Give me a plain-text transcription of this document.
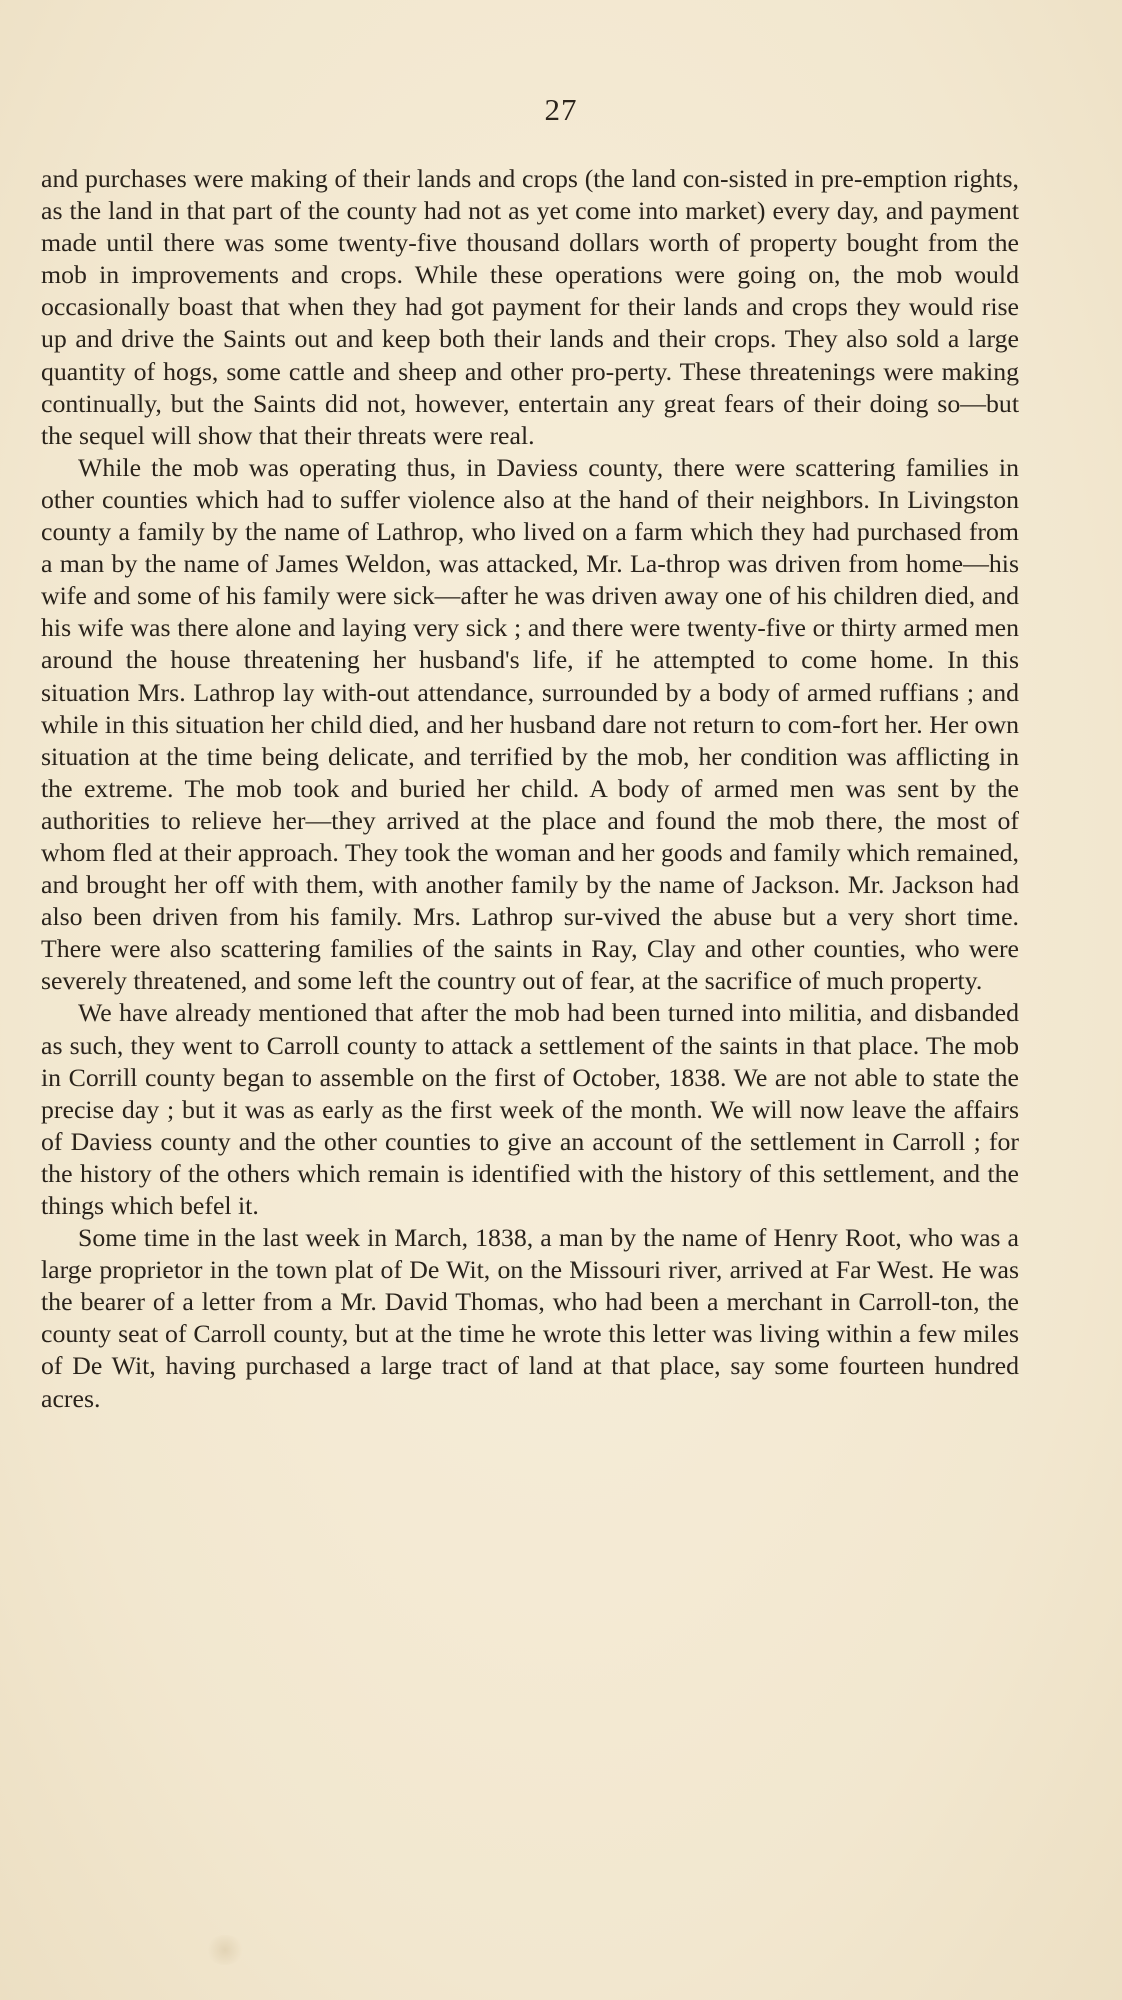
27

and purchases were making of their lands and crops (the land con-sisted in pre-emption rights, as the land in that part of the county had not as yet come into market) every day, and payment made until there was some twenty-five thousand dollars worth of property bought from the mob in improvements and crops. While these operations were going on, the mob would occasionally boast that when they had got payment for their lands and crops they would rise up and drive the Saints out and keep both their lands and their crops. They also sold a large quantity of hogs, some cattle and sheep and other pro-perty. These threatenings were making continually, but the Saints did not, however, entertain any great fears of their doing so—but the sequel will show that their threats were real.

While the mob was operating thus, in Daviess county, there were scattering families in other counties which had to suffer violence also at the hand of their neighbors. In Livingston county a family by the name of Lathrop, who lived on a farm which they had purchased from a man by the name of James Weldon, was attacked, Mr. La-throp was driven from home—his wife and some of his family were sick—after he was driven away one of his children died, and his wife was there alone and laying very sick ; and there were twenty-five or thirty armed men around the house threatening her husband's life, if he attempted to come home. In this situation Mrs. Lathrop lay with-out attendance, surrounded by a body of armed ruffians ; and while in this situation her child died, and her husband dare not return to com-fort her. Her own situation at the time being delicate, and terrified by the mob, her condition was afflicting in the extreme. The mob took and buried her child. A body of armed men was sent by the authorities to relieve her—they arrived at the place and found the mob there, the most of whom fled at their approach. They took the woman and her goods and family which remained, and brought her off with them, with another family by the name of Jackson. Mr. Jackson had also been driven from his family. Mrs. Lathrop sur-vived the abuse but a very short time. There were also scattering families of the saints in Ray, Clay and other counties, who were severely threatened, and some left the country out of fear, at the sacrifice of much property.

We have already mentioned that after the mob had been turned into militia, and disbanded as such, they went to Carroll county to attack a settlement of the saints in that place. The mob in Corrill county began to assemble on the first of October, 1838. We are not able to state the precise day ; but it was as early as the first week of the month. We will now leave the affairs of Daviess county and the other counties to give an account of the settlement in Carroll ; for the history of the others which remain is identified with the history of this settlement, and the things which befel it.

Some time in the last week in March, 1838, a man by the name of Henry Root, who was a large proprietor in the town plat of De Wit, on the Missouri river, arrived at Far West. He was the bearer of a letter from a Mr. David Thomas, who had been a merchant in Carroll-ton, the county seat of Carroll county, but at the time he wrote this letter was living within a few miles of De Wit, having purchased a large tract of land at that place, say some fourteen hundred acres.
